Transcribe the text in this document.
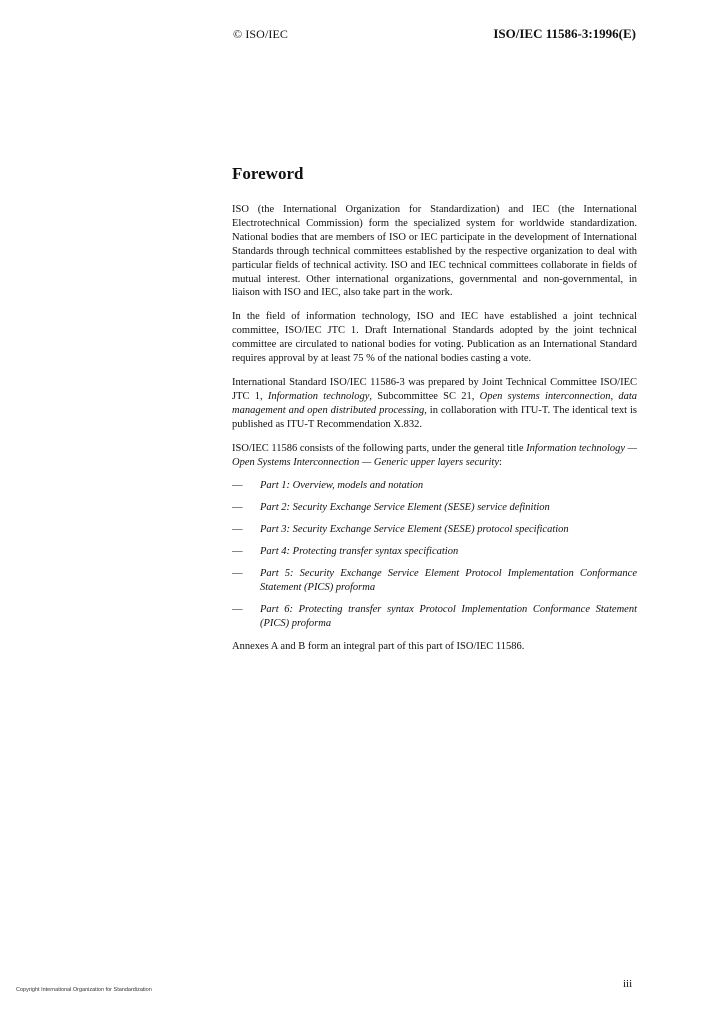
© ISO/IEC	ISO/IEC 11586-3:1996(E)
Foreword

ISO (the International Organization for Standardization) and IEC (the International Electrotechnical Commission) form the specialized system for worldwide standardization. National bodies that are members of ISO or IEC participate in the development of International Standards through technical committees established by the respective organization to deal with particular fields of technical activity. ISO and IEC technical committees collaborate in fields of mutual interest. Other international organizations, governmental and non-governmental, in liaison with ISO and IEC, also take part in the work.

In the field of information technology, ISO and IEC have established a joint technical committee, ISO/IEC JTC 1. Draft International Standards adopted by the joint technical committee are circulated to national bodies for voting. Publication as an International Standard requires approval by at least 75 % of the national bodies casting a vote.

International Standard ISO/IEC 11586-3 was prepared by Joint Technical Committee ISO/IEC JTC 1, Information technology, Subcommittee SC 21, Open systems interconnection, data management and open distributed processing, in collaboration with ITU-T. The identical text is published as ITU-T Recommendation X.832.

ISO/IEC 11586 consists of the following parts, under the general title Information technology — Open Systems Interconnection — Generic upper layers security:

— Part 1: Overview, models and notation
— Part 2: Security Exchange Service Element (SESE) service definition
— Part 3: Security Exchange Service Element (SESE) protocol specification
— Part 4: Protecting transfer syntax specification
— Part 5: Security Exchange Service Element Protocol Implementation Conformance Statement (PICS) proforma
— Part 6: Protecting transfer syntax Protocol Implementation Conformance Statement (PICS) proforma

Annexes A and B form an integral part of this part of ISO/IEC 11586.

iii
Copyright International Organization for Standardization
